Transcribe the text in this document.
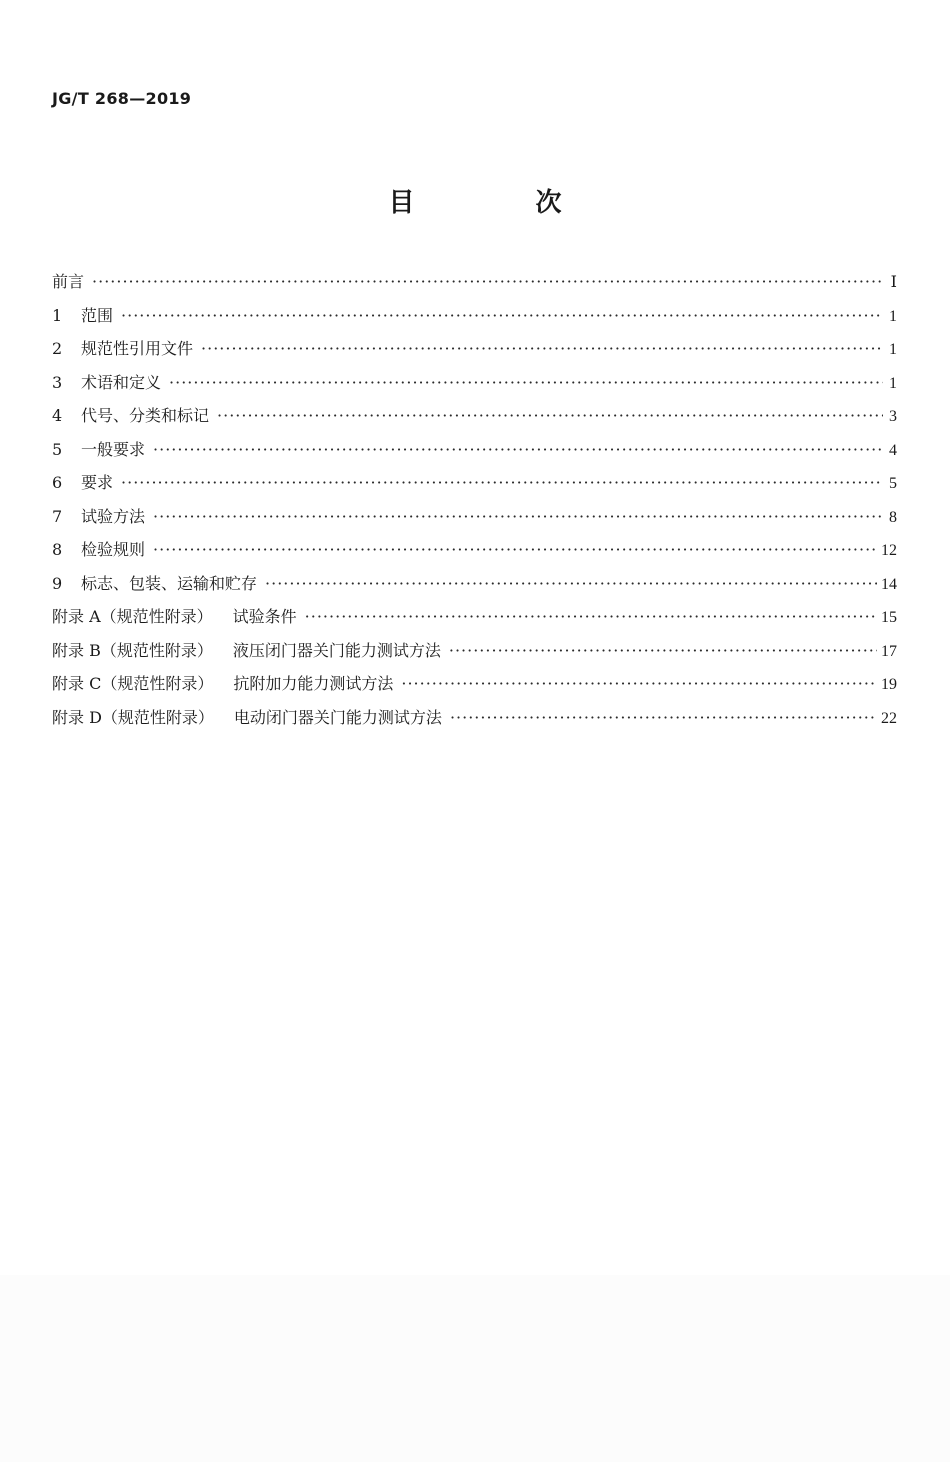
JG/T 268—2019
目 次
前言 ·····	Ⅰ
1	范围 ·····	1
2	规范性引用文件 ·····	1
3	术语和定义 ·····	1
4	代号、分类和标记 ·····	3
5	一般要求 ·····	4
6	要求 ·····	5
7	试验方法 ·····	8
8	检验规则 ·····	12
9	标志、包装、运输和贮存 ·····	14
附录 A（规范性附录） 试验条件 ·····	15
附录 B（规范性附录） 液压闭门器关门能力测试方法 ·····	17
附录 C（规范性附录） 抗附加力能力测试方法 ·····	19
附录 D（规范性附录） 电动闭门器关门能力测试方法 ·····	22
